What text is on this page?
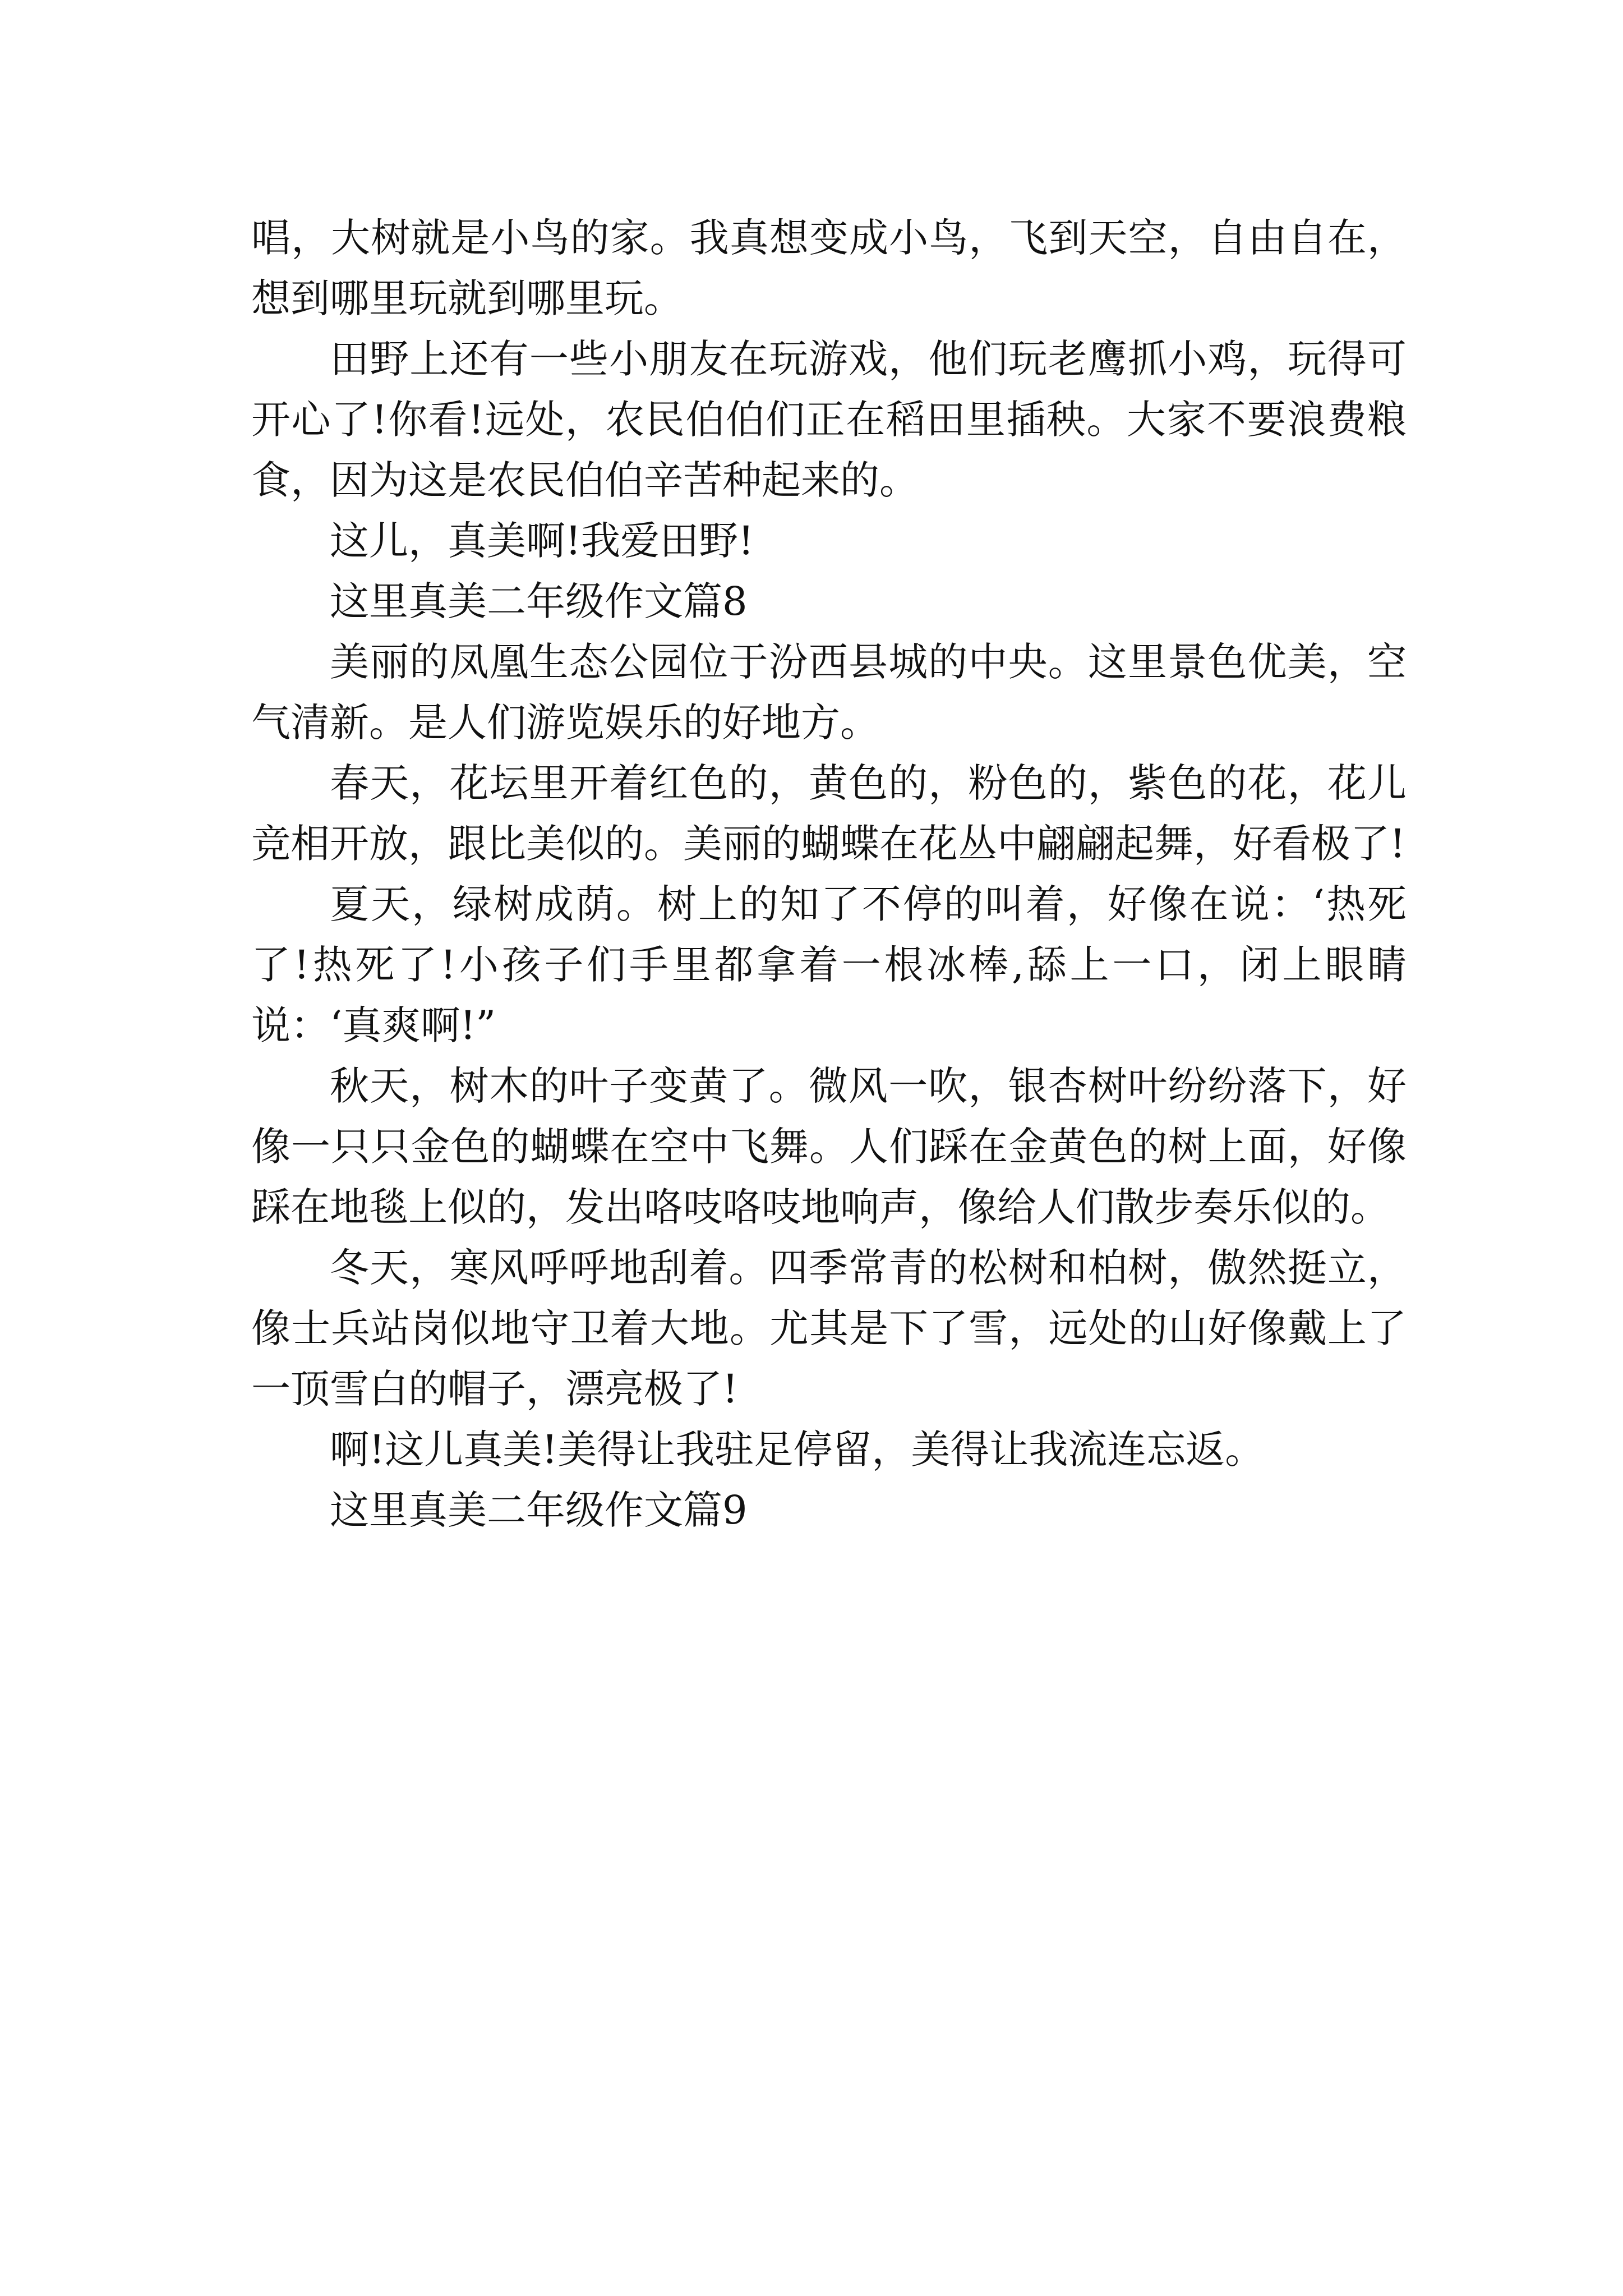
唱，大树就是小鸟的家。我真想变成小鸟，飞到天空，自由自在，想到哪里玩就到哪里玩。

田野上还有一些小朋友在玩游戏，他们玩老鹰抓小鸡，玩得可开心了!你看!远处，农民伯伯们正在稻田里插秧。大家不要浪费粮食，因为这是农民伯伯辛苦种起来的。

这儿，真美啊!我爱田野!

这里真美二年级作文篇8

美丽的凤凰生态公园位于汾西县城的中央。这里景色优美，空气清新。是人们游览娱乐的好地方。

春天，花坛里开着红色的，黄色的，粉色的，紫色的花，花儿竞相开放，跟比美似的。美丽的蝴蝶在花丛中翩翩起舞，好看极了!

夏天，绿树成荫。树上的知了不停的叫着，好像在说：‘热死了!热死了!小孩子们手里都拿着一根冰棒,舔上一口，闭上眼睛说：‘真爽啊!”

秋天，树木的叶子变黄了。微风一吹，银杏树叶纷纷落下，好像一只只金色的蝴蝶在空中飞舞。人们踩在金黄色的树上面，好像踩在地毯上似的，发出咯吱咯吱地响声，像给人们散步奏乐似的。

冬天，寒风呼呼地刮着。四季常青的松树和柏树，傲然挺立，像士兵站岗似地守卫着大地。尤其是下了雪，远处的山好像戴上了一顶雪白的帽子，漂亮极了!

啊!这儿真美!美得让我驻足停留，美得让我流连忘返。

这里真美二年级作文篇9
